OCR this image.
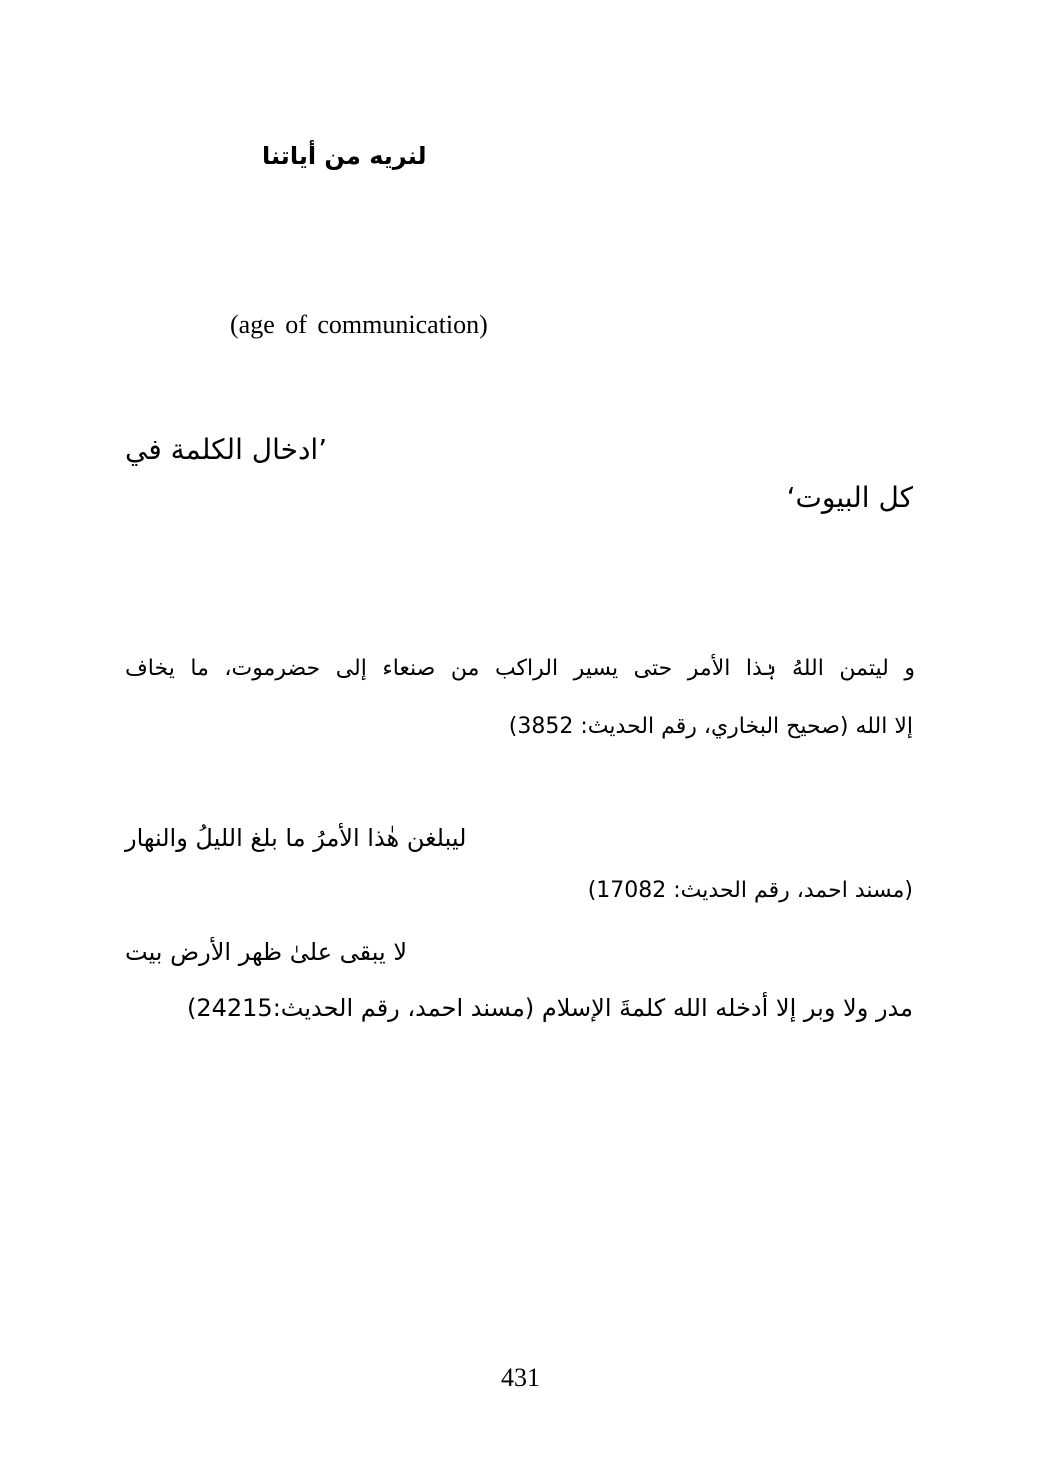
لنريه من أياتنا
(age of communication)
’ادخال الكلمة في
كل البيوت‘
و ليتمن اللهُ ہٰذا الأمر حتى يسير الراكب من صنعاء إلى حضرموت، ما يخاف
إلا الله (صحيح البخاري، رقم الحديث: 3852)
ليبلغن هٰذا الأمرُ ما بلغ الليلُ والنهار
(مسند احمد، رقم الحديث: 17082)
لا يبقى علىٰ ظهر الأرض بيت
مدر ولا وبر إلا أدخله الله كلمةَ الإسلام (مسند احمد، رقم الحديث:24215)
431
